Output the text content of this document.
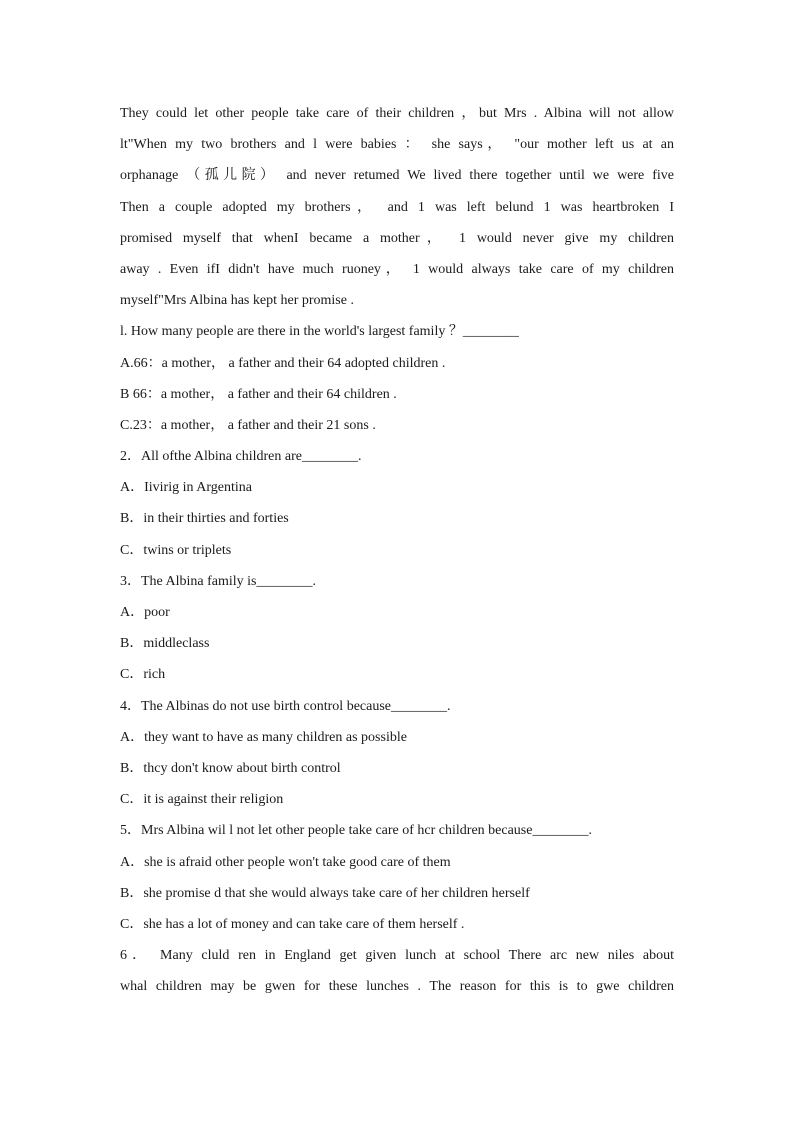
They could let other people take care of their children ，but Mrs . Albina will not allow
lt"When my two brothers and l were babies ： she says， "our mother left us at an
orphanage （孤儿院） and never retumed We lived there together until we were five
Then a couple adopted my brothers， and 1 was left belund 1 was heartbroken I
promised myself that whenI became a mother， 1 would never give my children
away . Even ifI didn't have much ruoney， 1 would always take care of my children
myself"Mrs Albina has kept her promise .
l. How many people are there in the world's largest family ？________
A.66：a mother， a father and their 64 adopted children .
B 66：a mother， a father and their 64 children .
C.23：a mother， a father and their 21 sons .
2．All ofthe Albina children are________.
A．Iivirig in Argentina
B．in their thirties and forties
C．twins or triplets
3．The Albina family is________.
A．poor
B．middleclass
C．rich
4．The Albinas do not use birth control because________.
A．they want to have as many children as possible
B．thcy don't know about birth control
C．it is against their religion
5．Mrs Albina wil l not let other people take care of hcr children because________.
A．she is afraid other people won't take good care of them
B．she promise d that she would always take care of her children herself
C．she has a lot of money and can take care of them herself .
6． Many cluld ren in England get given lunch at school There arc new niles about
whal children may be gwen for these lunches . The reason for this is to gwe children
